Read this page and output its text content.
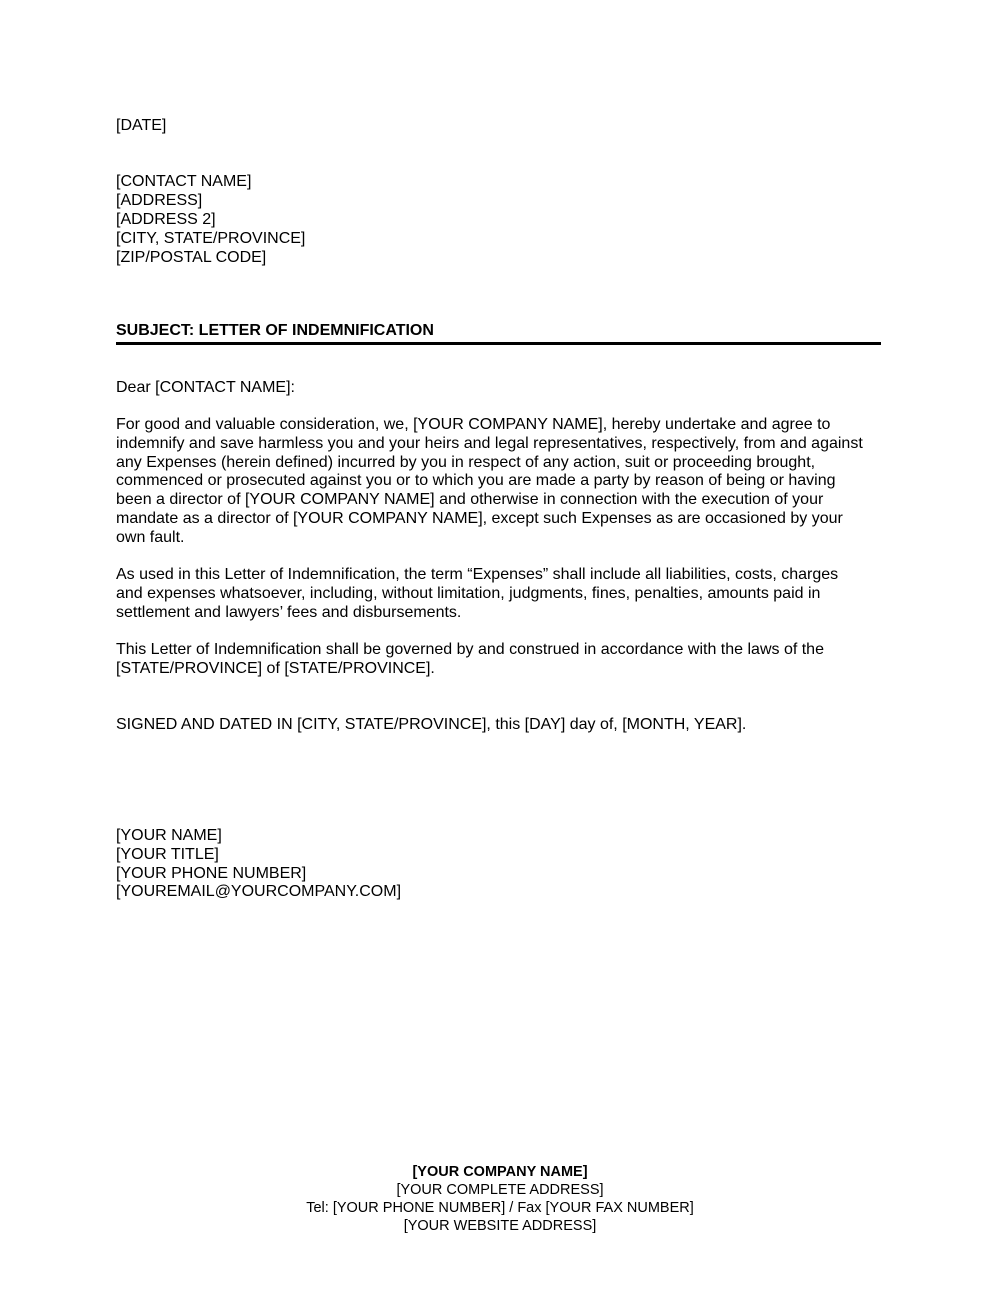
[DATE]
[CONTACT NAME]
[ADDRESS]
[ADDRESS 2]
[CITY, STATE/PROVINCE]
[ZIP/POSTAL CODE]
SUBJECT: LETTER OF INDEMNIFICATION
Dear [CONTACT NAME]:
For good and valuable consideration, we, [YOUR COMPANY NAME], hereby undertake and agree to
indemnify and save harmless you and your heirs and legal representatives, respectively, from and against
any Expenses (herein defined) incurred by you in respect of any action, suit or proceeding brought,
commenced or prosecuted against you or to which you are made a party by reason of being or having
been a director of [YOUR COMPANY NAME] and otherwise in connection with the execution of your
mandate as a director of [YOUR COMPANY NAME], except such Expenses as are occasioned by your
own fault.
As used in this Letter of Indemnification, the term “Expenses” shall include all liabilities, costs, charges
and expenses whatsoever, including, without limitation, judgments, fines, penalties, amounts paid in
settlement and lawyers’ fees and disbursements.
This Letter of Indemnification shall be governed by and construed in accordance with the laws of the
[STATE/PROVINCE] of [STATE/PROVINCE].
SIGNED AND DATED IN [CITY, STATE/PROVINCE], this [DAY] day of, [MONTH, YEAR].
[YOUR NAME]
[YOUR TITLE]
[YOUR PHONE NUMBER]
[YOUREMAIL@YOURCOMPANY.COM]
[YOUR COMPANY NAME]
[YOUR COMPLETE ADDRESS]
Tel: [YOUR PHONE NUMBER] / Fax [YOUR FAX NUMBER]
[YOUR WEBSITE ADDRESS]
